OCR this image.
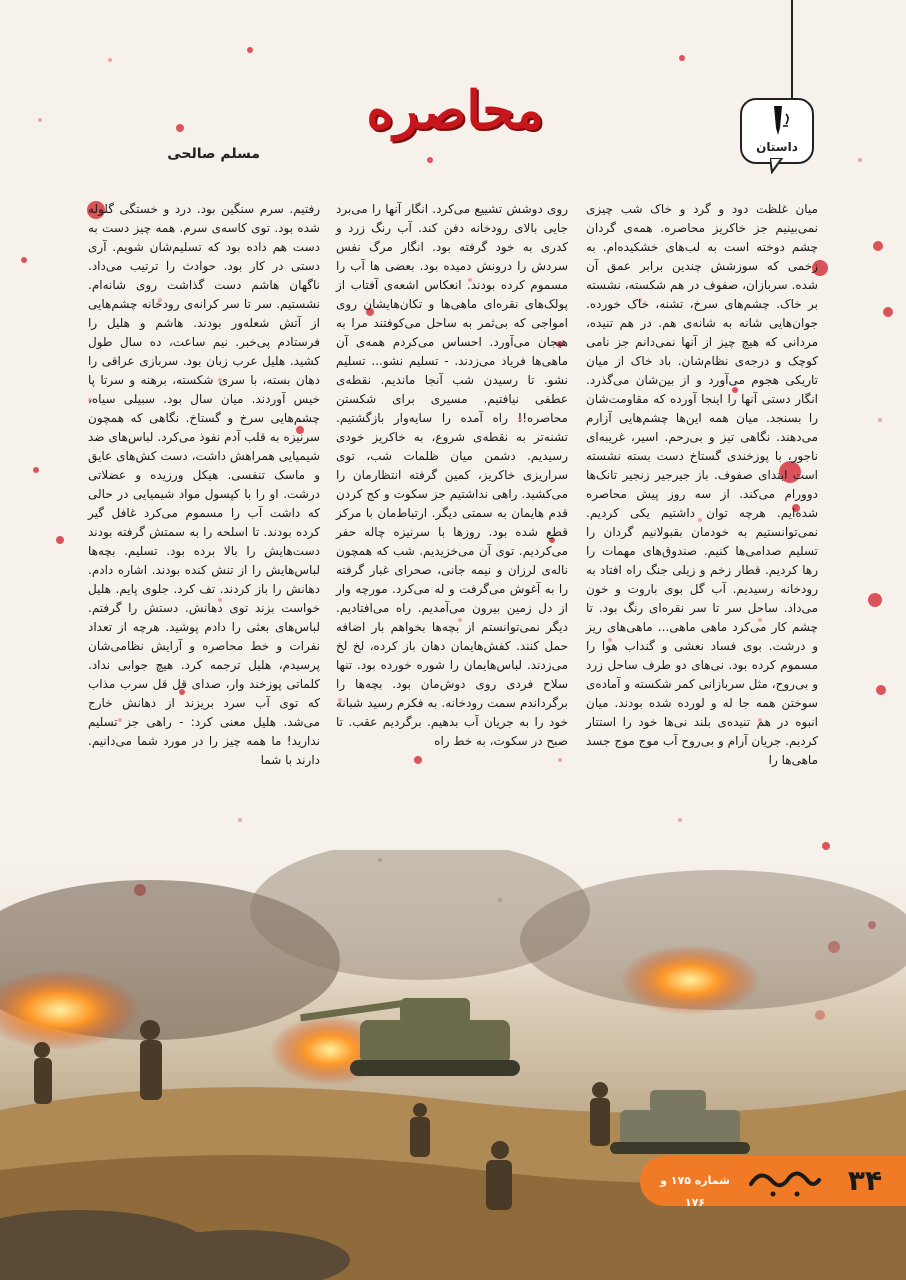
داستان
محاصره
مسلم صالحی
میان غلظت دود و گرد و خاک شب چیزی نمی‌بینیم جز خاکریز محاصره. همه‌ی گردان چشم دوخته است به لب‌های خشکیده‌ام. به زخمی که سوزشش چندین برابر عمق آن شده. سربازان، صفوف در هم شکسته، نشسته بر خاک. چشم‌های سرخ، تشنه، خاک خورده. جوان‌هایی شانه به شانه‌ی هم. در هم تنیده، مردانی که هیچ چیز از آنها نمی‌دانم جز نامی کوچک و درجه‌ی نظام‌شان. باد خاک از میان تاریکی هجوم می‌آورد و از بین‌شان می‌گذرد. انگار دستی آنها را اینجا آورده که مقاومت‌شان را بسنجد. میان همه این‌ها چشم‌هایی آزارم می‌دهند. نگاهی تیز و بی‌رحم. اسیر، غریبه‌ای ناجور، با پوزخندی گستاخ دست بسته نشسته است ابتدای صفوف. باز جیرجیر زنجیر تانک‌ها دوورام می‌کند. از سه روز پیش محاصره شده‌ایم. هرچه توان داشتیم یکی کردیم. نمی‌توانستیم به خودمان بقبولانیم گردان را تسلیم صدامی‌ها کنیم. صندوق‌های مهمات را رها کردیم. قطار زخم و زیلی جنگ راه افتاد به رودخانه رسیدیم. آب گل بوی باروت و خون می‌داد. ساحل سر تا سر نقره‌ای رنگ بود. تا چشم کار می‌کرد ماهی ماهی... ماهی‌های ریز و درشت. بوی فساد نعشی و گنداب هوا را مسموم کرده بود. نی‌های دو طرف ساحل زرد و بی‌روح، مثل سربازانی کمر شکسته و آماده‌ی سوختن همه جا له و لورده شده بودند. میان انبوه در هم تنیده‌ی بلند نی‌ها خود را استتار کردیم. جریان آرام و بی‌روح آب موج موج جسد ماهی‌ها را
روی دوشش تشییع می‌کرد. انگار آنها را می‌برد جایی بالای رودخانه دفن کند. آب رنگ زرد و کدری به خود گرفته بود. انگار مرگ نفس سردش را درونش دمیده بود. بعضی ها آب را مسموم کرده بودند. انعکاس اشعه‌ی آفتاب از پولک‌های نقره‌ای ماهی‌ها و تکان‌هایشان روی امواجی که بی‌ثمر به ساحل می‌کوفتند مرا به هیجان می‌آورد. احساس می‌کردم همه‌ی آن ماهی‌ها فریاد می‌زدند. - تسلیم نشو... تسلیم نشو. تا رسیدن شب آنجا ماندیم. نقطه‌ی عطفی نیافتیم. مسیری برای شکستن محاصره!! راه آمده را سایه‌وار بازگشتیم. تشنه‌تر به نقطه‌ی شروع، به خاکریز خودی رسیدیم. دشمن میان ظلمات شب، توی سراریزی خاکریز، کمین گرفته انتظارمان را می‌کشید. راهی نداشتیم جز سکوت و کج کردن قدم هایمان به سمتی دیگر. ارتباط‌مان با مرکز قطع شده بود. روزها با سرنیزه چاله حفر می‌کردیم. توی آن می‌خزیدیم. شب که همچون ناله‌ی لرزان و نیمه جانی، صحرای غبار گرفته را به آغوش می‌گرفت و له می‌کرد. مورچه وار از دل زمین بیرون می‌آمدیم. راه می‌افتادیم. دیگر نمی‌توانستم از بچه‌ها بخواهم بار اضافه حمل کنند. کفش‌هایمان دهان باز کرده، لخ لخ می‌زدند. لباس‌هایمان را شوره خورده بود. تنها سلاح فردی روی دوش‌مان بود. بچه‌ها را برگرداندم سمت رودخانه. به فکرم رسید شبانه خود را به جریان آب بدهیم. برگردیم عقب. تا صبح در سکوت، به خط راه
رفتیم. سرم سنگین بود. درد و خستگی گلوله شده بود. توی کاسه‌ی سرم. همه چیز دست به دست هم داده بود که تسلیم‌شان شویم. آری دستی در کار بود. حوادث را ترتیب می‌داد. ناگهان هاشم دست گذاشت روی شانه‌ام. نشستیم. سر تا سر کرانه‌ی رودخانه چشم‌هایی از آتش شعله‌ور بودند. هاشم و هلیل را فرستادم پی‌خبر. نیم ساعت، ده سال طول کشید. هلیل عرب زبان بود. سربازی عراقی را دهان بسته، با سری شکسته، برهنه و سرتا پا خیس آوردند. میان سال بود. سبیلی سیاه، چشم‌هایی سرخ و گستاخ. نگاهی که همچون سرنیزه به قلب آدم نفوذ می‌کرد. لباس‌های ضد شیمیایی همراهش داشت، دست کش‌های عایق و ماسک تنفسی. هیکل ورزیده و عضلاتی درشت. او را با کپسول مواد شیمیایی در حالی که داشت آب را مسموم می‌کرد غافل گیر کرده بودند. تا اسلحه را به سمتش گرفته بودند دست‌هایش را بالا برده بود. تسلیم. بچه‌ها لباس‌هایش را از تنش کنده بودند. اشاره دادم. دهانش را باز کردند. تف کرد. جلوی پایم. هلیل خواست بزند توی دهانش. دستش را گرفتم. لباس‌های بعثی را دادم پوشید. هرچه از تعداد نفرات و خط محاصره و آرایش نظامی‌شان پرسیدم، هلیل ترجمه کرد. هیچ جوابی نداد. کلماتی پوزخند وار، صدای قل قل سرب مذاب که توی آب سرد بریزند از دهانش خارج می‌شد. هلیل معنی کرد: - راهی جز تسلیم ندارید! ما همه چیز را در مورد شما می‌دانیم. دارند با شما
۳۴
شماره ۱۷۵ و ۱۷۶
